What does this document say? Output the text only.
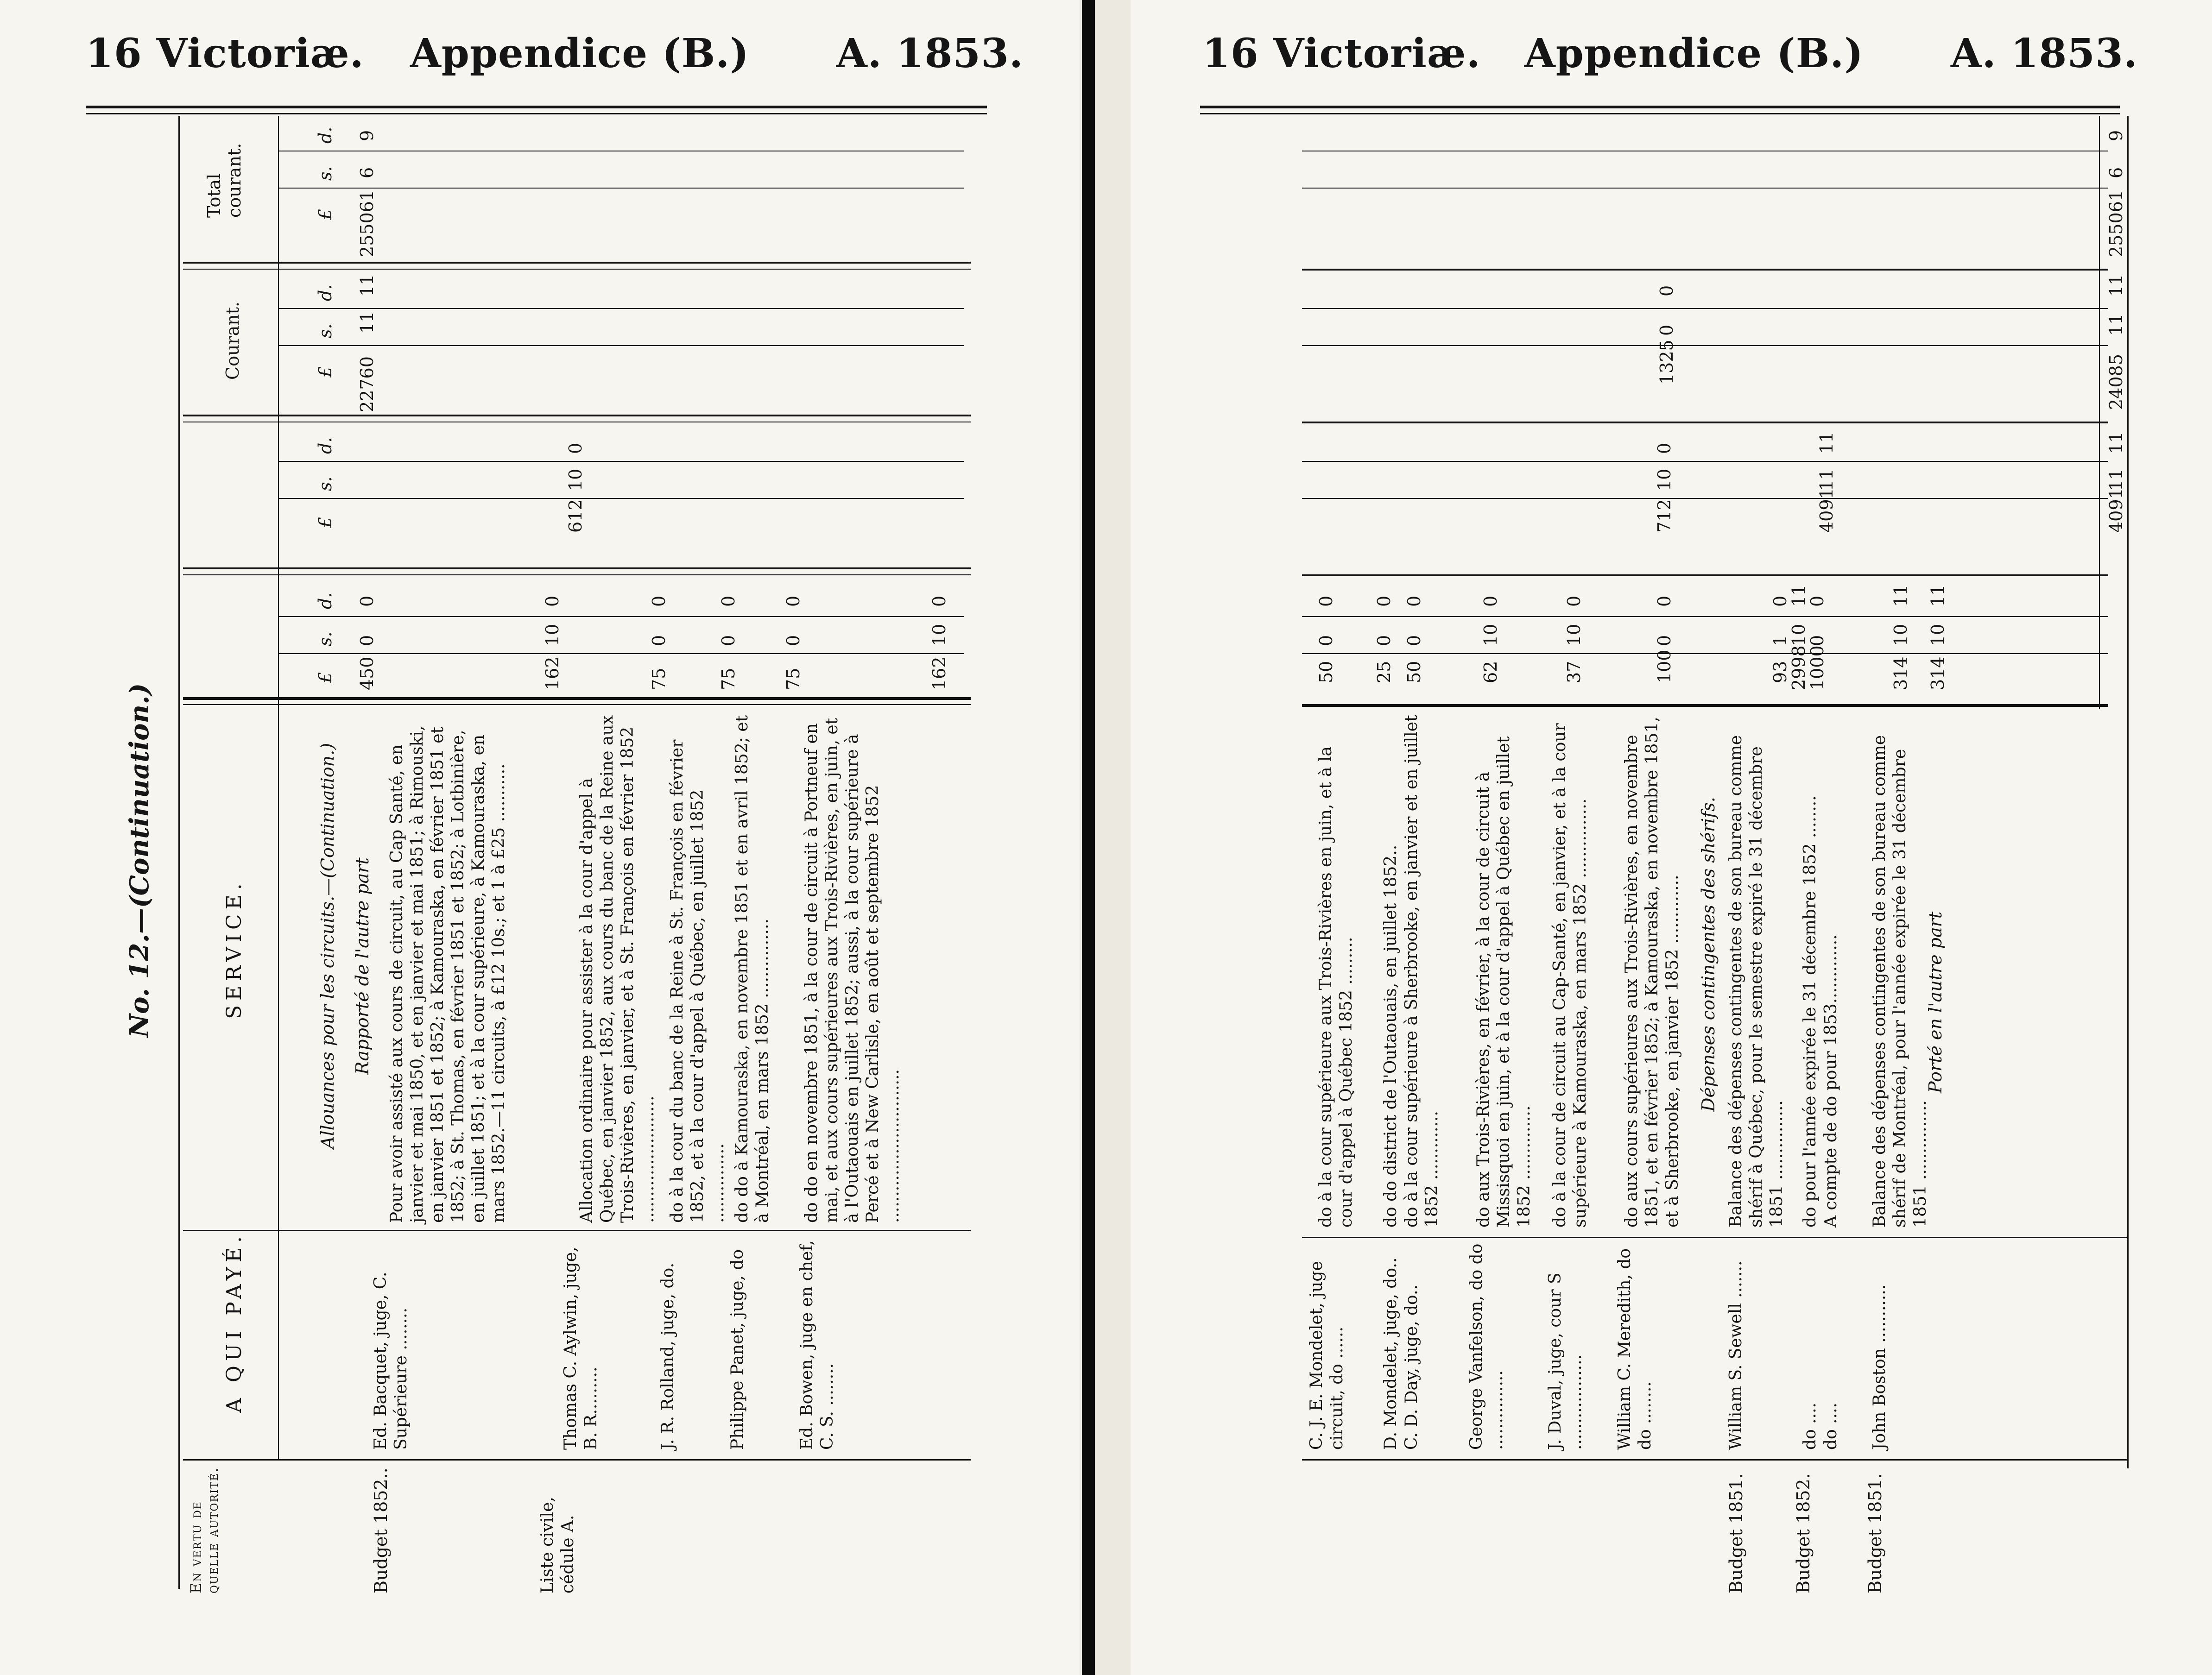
16 Victoriæ. Appendice (B.) A. 1853.
No. 12.—(Continuation.)
En vertu de quelle autorité.
A QUI PAYÉ.
SERVICE.
Courant.
Total courant.
£
s.
d.
£
s.
d.
£
s.
d.
£
s.
d.
Allouances pour les circuits.—(Continuation.) Rapporté de l'autre part
22760
11
11
255061
6
9
Budget 1852..
Ed. Bacquet, juge, C. Supérieure ........
Pour avoir assisté aux cours de circuit, au Cap Santé, en janvier et mai 1850, et en janvier et mai 1851; à Rimouski, en janvier 1851 et 1852; à Kamouraska, en février 1851 et 1852; à St. Thomas, en février 1851 et 1852; à Lotbinière, en juillet 1851; et à la cour supérieure, à Kamouraska, en mars 1852.—11 circuits, à £12 10s.; et 1 à £25 ...........
450
0
0
Liste civile, cédule A.
Thomas C. Aylwin, juge, B. R.........
Allocation ordinaire pour assister à la cour d'appel à Québec, en janvier 1852, aux cours du banc de la Reine aux Trois-Rivières, en janvier, et à St. François en février 1852 ........................
162
10
0
612
10
0
J. R. Rolland, juge, do.
do à la cour du banc de la Reine à St. François en février 1852, et à la cour d'appel à Québec, en juillet 1852 ...............
75
0
0
Philippe Panet, juge, do
do do à Kamouraska, en novembre 1851 et en avril 1852; et à Montréal, en mars 1852 ...............
75
0
0
Ed. Bowen, juge en chef, C. S. ........
do do en novembre 1851, à la cour de circuit à Portneuf en mai, et aux cours supérieures aux Trois-Rivières, en juin, et à l'Outaouais en juillet 1852; aussi, à la cour supérieure à Percé et à New Carlisle, en août et septembre 1852 .............................
75
0
0
162
10
0
16 Victoriæ. Appendice (B.) A. 1853.
C. J. E. Mondelet, juge circuit, do ......
do à la cour supérieure aux Trois-Rivières en juin, et à la cour d'appel à Québec 1852 .........
50
0
0
D. Mondelet, juge, do..
do do district de l'Outaouais, en juillet 1852..
25
0
0
C. D. Day, juge, do..
do à la cour supérieure à Sherbrooke, en janvier et en juillet 1852 .............
50
0
0
George Vanfelson, do do ...............
do aux Trois-Rivières, en février, à la cour de circuit à Missisquoi en juin, et à la cour d'appel à Québec en juillet 1852 ..............
62
10
0
J. Duval, juge, cour S ..................
do à la cour de circuit au Cap-Santé, en janvier, et à la cour supérieure à Kamouraska, en mars 1852 ...............
37
10
0
William C. Meredith, do do ........
do aux cours supérieures aux Trois-Rivières, en novembre 1851, et en février 1852; à Kamouraska, en novembre 1851, et à Sherbrooke, en janvier 1852 .............
100
0
0
712
10
0
1325
0
0
Dépenses contingentes des shérifs.
Budget 1851.
William S. Sewell .......
Balance des dépenses contingentes de son bureau comme shérif à Québec, pour le semestre expiré le 31 décembre 1851 ...............
93
1
0
Budget 1852.
do ....
do pour l'année expirée le 31 décembre 1852 ........
2998
10
11
do ....
A compte de do pour 1853.............
1000
0
0
4091
11
11
Budget 1851.
John Boston ...........
Balance des dépenses contingentes de son bureau comme shérif de Montréal, pour l'année expirée le 31 décembre 1851 ...............
314
10
11
Porté en l'autre part
314
10
11
4091
11
11
24085
11
11
255061
6
9
